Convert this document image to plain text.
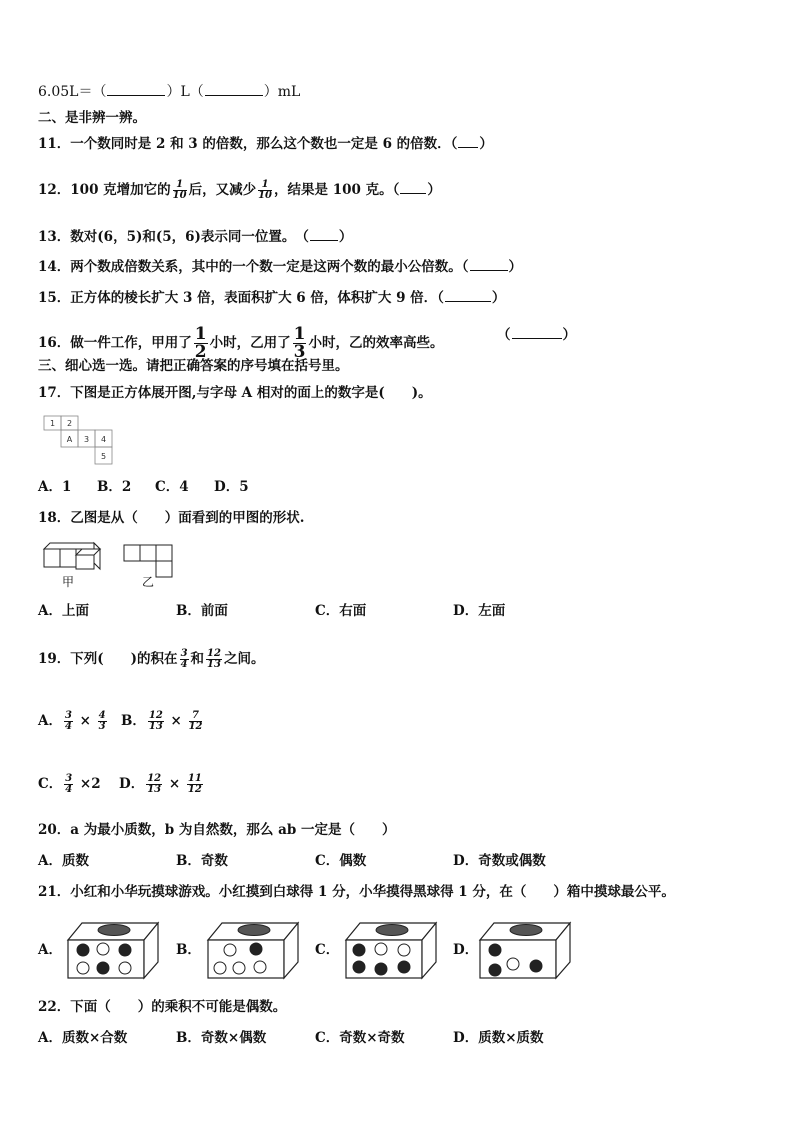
6.05L＝（	）L（	）mL
二、是非辨一辨。
11．一个数同时是 2 和 3 的倍数，那么这个数也一定是 6 的倍数．（ ）
12．100 克增加它的 $\frac{1}{10}$ 后，又减少 $\frac{1}{10}$ ，结果是 100 克。（ ）
13．数对(6，5)和(5，6)表示同一位置。　（ ）
14．两个数成倍数关系，其中的一个数一定是这两个数的最小公倍数。（	）
15．正方体的棱长扩大 3 倍，表面积扩大 6 倍，体积扩大 9 倍．（	）
16．做一件工作，甲用了 $\frac{1}{2}$ 小时，乙用了 $\frac{1}{3}$ 小时，乙的效率高些。	（	）
三、细心选一选。请把正确答案的序号填在括号里。
17．下图是正方体展开图,与字母 A 相对的面上的数字是(　　)。
1 2
A 3 4
5
A．1 B．2 C．4 D．5
18．乙图是从（　　）面看到的甲图的形状.
甲	乙
A．上面	B．前面	C．右面	D．左面
19．下列(　　)的积在 $\frac{3}{4}$ 和 $\frac{12}{13}$ 之间。
A． $\frac{3}{4} \times \frac{4}{3}$ B． $\frac{12}{13} \times \frac{7}{12}$
C． $\frac{3}{4} \times 2$ D． $\frac{12}{13} \times \frac{11}{12}$
20．a 为最小质数，b 为自然数，那么 ab 一定是（　　）
A．质数	B．奇数	C．偶数	D．奇数或偶数
21．小红和小华玩摸球游戏。小红摸到白球得 1 分，小华摸得黑球得 1 分，在（　　）箱中摸球最公平。
A．	B．	C．	D．
22．下面（　　）的乘积不可能是偶数。
A．质数×合数	B．奇数×偶数	C．奇数×奇数	D．质数×质数
